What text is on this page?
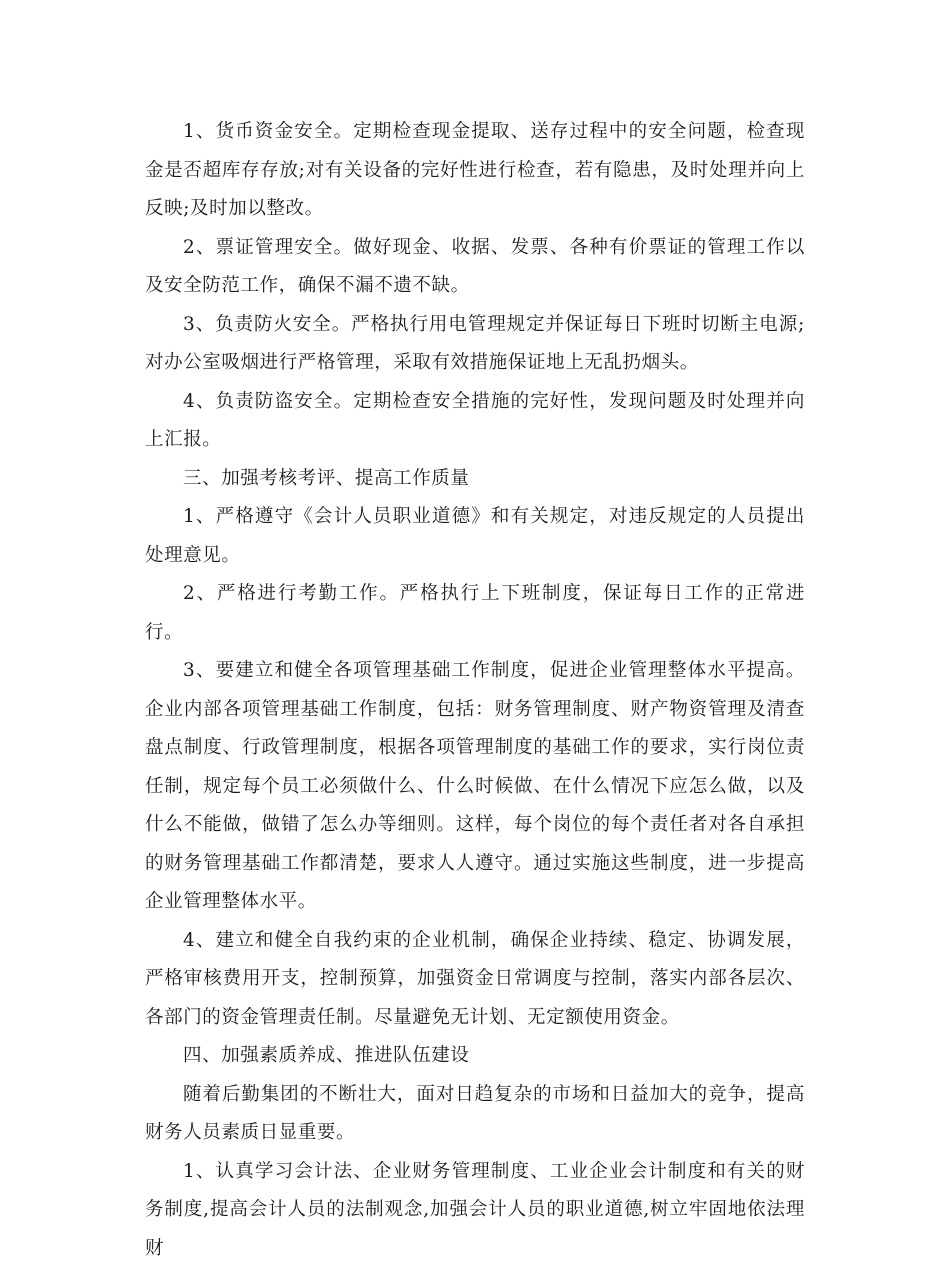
1、货币资金安全。定期检查现金提取、送存过程中的安全问题，检查现金是否超库存存放;对有关设备的完好性进行检查，若有隐患，及时处理并向上反映;及时加以整改。

2、票证管理安全。做好现金、收据、发票、各种有价票证的管理工作以及安全防范工作，确保不漏不遗不缺。

3、负责防火安全。严格执行用电管理规定并保证每日下班时切断主电源;对办公室吸烟进行严格管理，采取有效措施保证地上无乱扔烟头。

4、负责防盗安全。定期检查安全措施的完好性，发现问题及时处理并向上汇报。

三、加强考核考评、提高工作质量

1、严格遵守《会计人员职业道德》和有关规定，对违反规定的人员提出处理意见。

2、严格进行考勤工作。严格执行上下班制度，保证每日工作的正常进行。

3、要建立和健全各项管理基础工作制度，促进企业管理整体水平提高。企业内部各项管理基础工作制度，包括：财务管理制度、财产物资管理及清查盘点制度、行政管理制度，根据各项管理制度的基础工作的要求，实行岗位责任制，规定每个员工必须做什么、什么时候做、在什么情况下应怎么做，以及什么不能做，做错了怎么办等细则。这样，每个岗位的每个责任者对各自承担的财务管理基础工作都清楚，要求人人遵守。通过实施这些制度，进一步提高企业管理整体水平。

4、建立和健全自我约束的企业机制，确保企业持续、稳定、协调发展，严格审核费用开支，控制预算，加强资金日常调度与控制，落实内部各层次、各部门的资金管理责任制。尽量避免无计划、无定额使用资金。

四、加强素质养成、推进队伍建设

随着后勤集团的不断壮大，面对日趋复杂的市场和日益加大的竞争，提高财务人员素质日显重要。

1、认真学习会计法、企业财务管理制度、工业企业会计制度和有关的财务制度,提高会计人员的法制观念,加强会计人员的职业道德,树立牢固地依法理财
